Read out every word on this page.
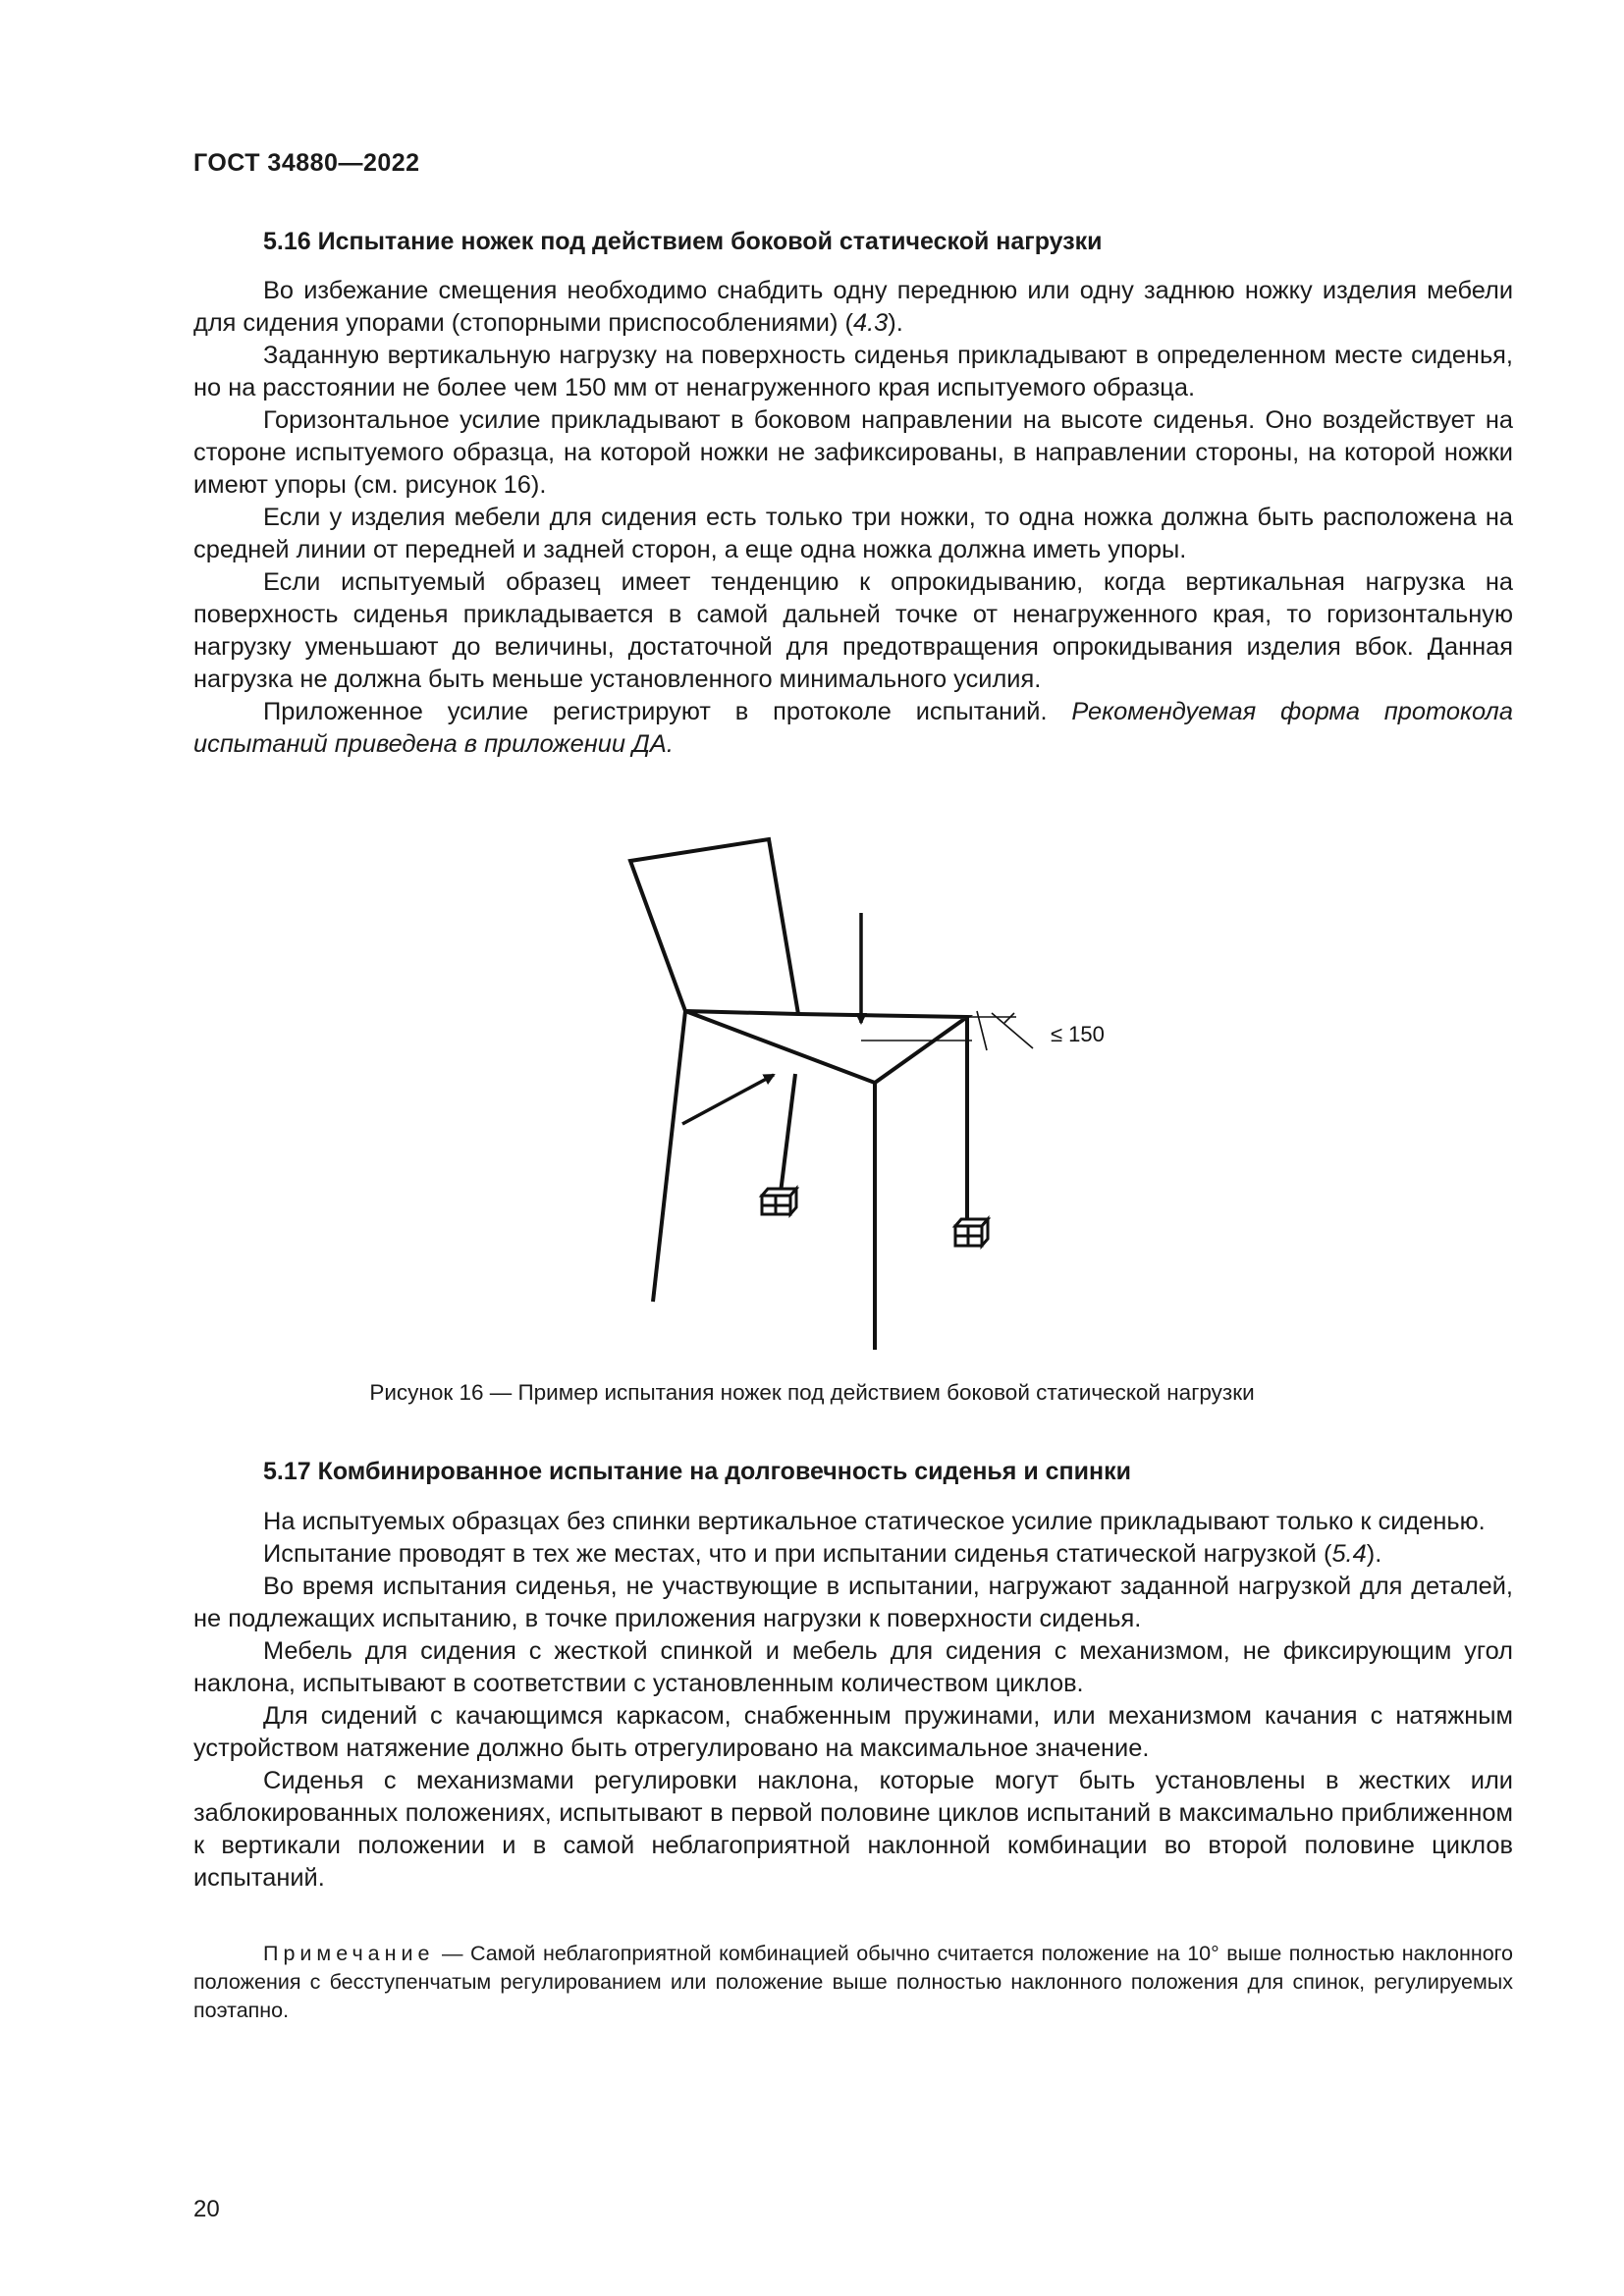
ГОСТ 34880—2022
5.16 Испытание ножек под действием боковой статической нагрузки

Во избежание смещения необходимо снабдить одну переднюю или одну заднюю ножку изделия мебели для сидения упорами (стопорными приспособлениями) (4.3).

Заданную вертикальную нагрузку на поверхность сиденья прикладывают в определенном месте сиденья, но на расстоянии не более чем 150 мм от ненагруженного края испытуемого образца.

Горизонтальное усилие прикладывают в боковом направлении на высоте сиденья. Оно воздействует на стороне испытуемого образца, на которой ножки не зафиксированы, в направлении стороны, на которой ножки имеют упоры (см. рисунок 16).

Если у изделия мебели для сидения есть только три ножки, то одна ножка должна быть расположена на средней линии от передней и задней сторон, а еще одна ножка должна иметь упоры.

Если испытуемый образец имеет тенденцию к опрокидыванию, когда вертикальная нагрузка на поверхность сиденья прикладывается в самой дальней точке от ненагруженного края, то горизонтальную нагрузку уменьшают до величины, достаточной для предотвращения опрокидывания изделия вбок. Данная нагрузка не должна быть меньше установленного минимального усилия.

Приложенное усилие регистрируют в протоколе испытаний. Рекомендуемая форма протокола испытаний приведена в приложении ДА.

≤ 150
Рисунок 16 — Пример испытания ножек под действием боковой статической нагрузки
5.17 Комбинированное испытание на долговечность сиденья и спинки

На испытуемых образцах без спинки вертикальное статическое усилие прикладывают только к сиденью.

Испытание проводят в тех же местах, что и при испытании сиденья статической нагрузкой (5.4).

Во время испытания сиденья, не участвующие в испытании, нагружают заданной нагрузкой для деталей, не подлежащих испытанию, в точке приложения нагрузки к поверхности сиденья.

Мебель для сидения с жесткой спинкой и мебель для сидения с механизмом, не фиксирующим угол наклона, испытывают в соответствии с установленным количеством циклов.

Для сидений с качающимся каркасом, снабженным пружинами, или механизмом качания с натяжным устройством натяжение должно быть отрегулировано на максимальное значение.

Сиденья с механизмами регулировки наклона, которые могут быть установлены в жестких или заблокированных положениях, испытывают в первой половине циклов испытаний в максимально приближенном к вертикали положении и в самой неблагоприятной наклонной комбинации во второй половине циклов испытаний.

Примечание — Самой неблагоприятной комбинацией обычно считается положение на 10° выше полностью наклонного положения с бесступенчатым регулированием или положение выше полностью наклонного положения для спинок, регулируемых поэтапно.

20
